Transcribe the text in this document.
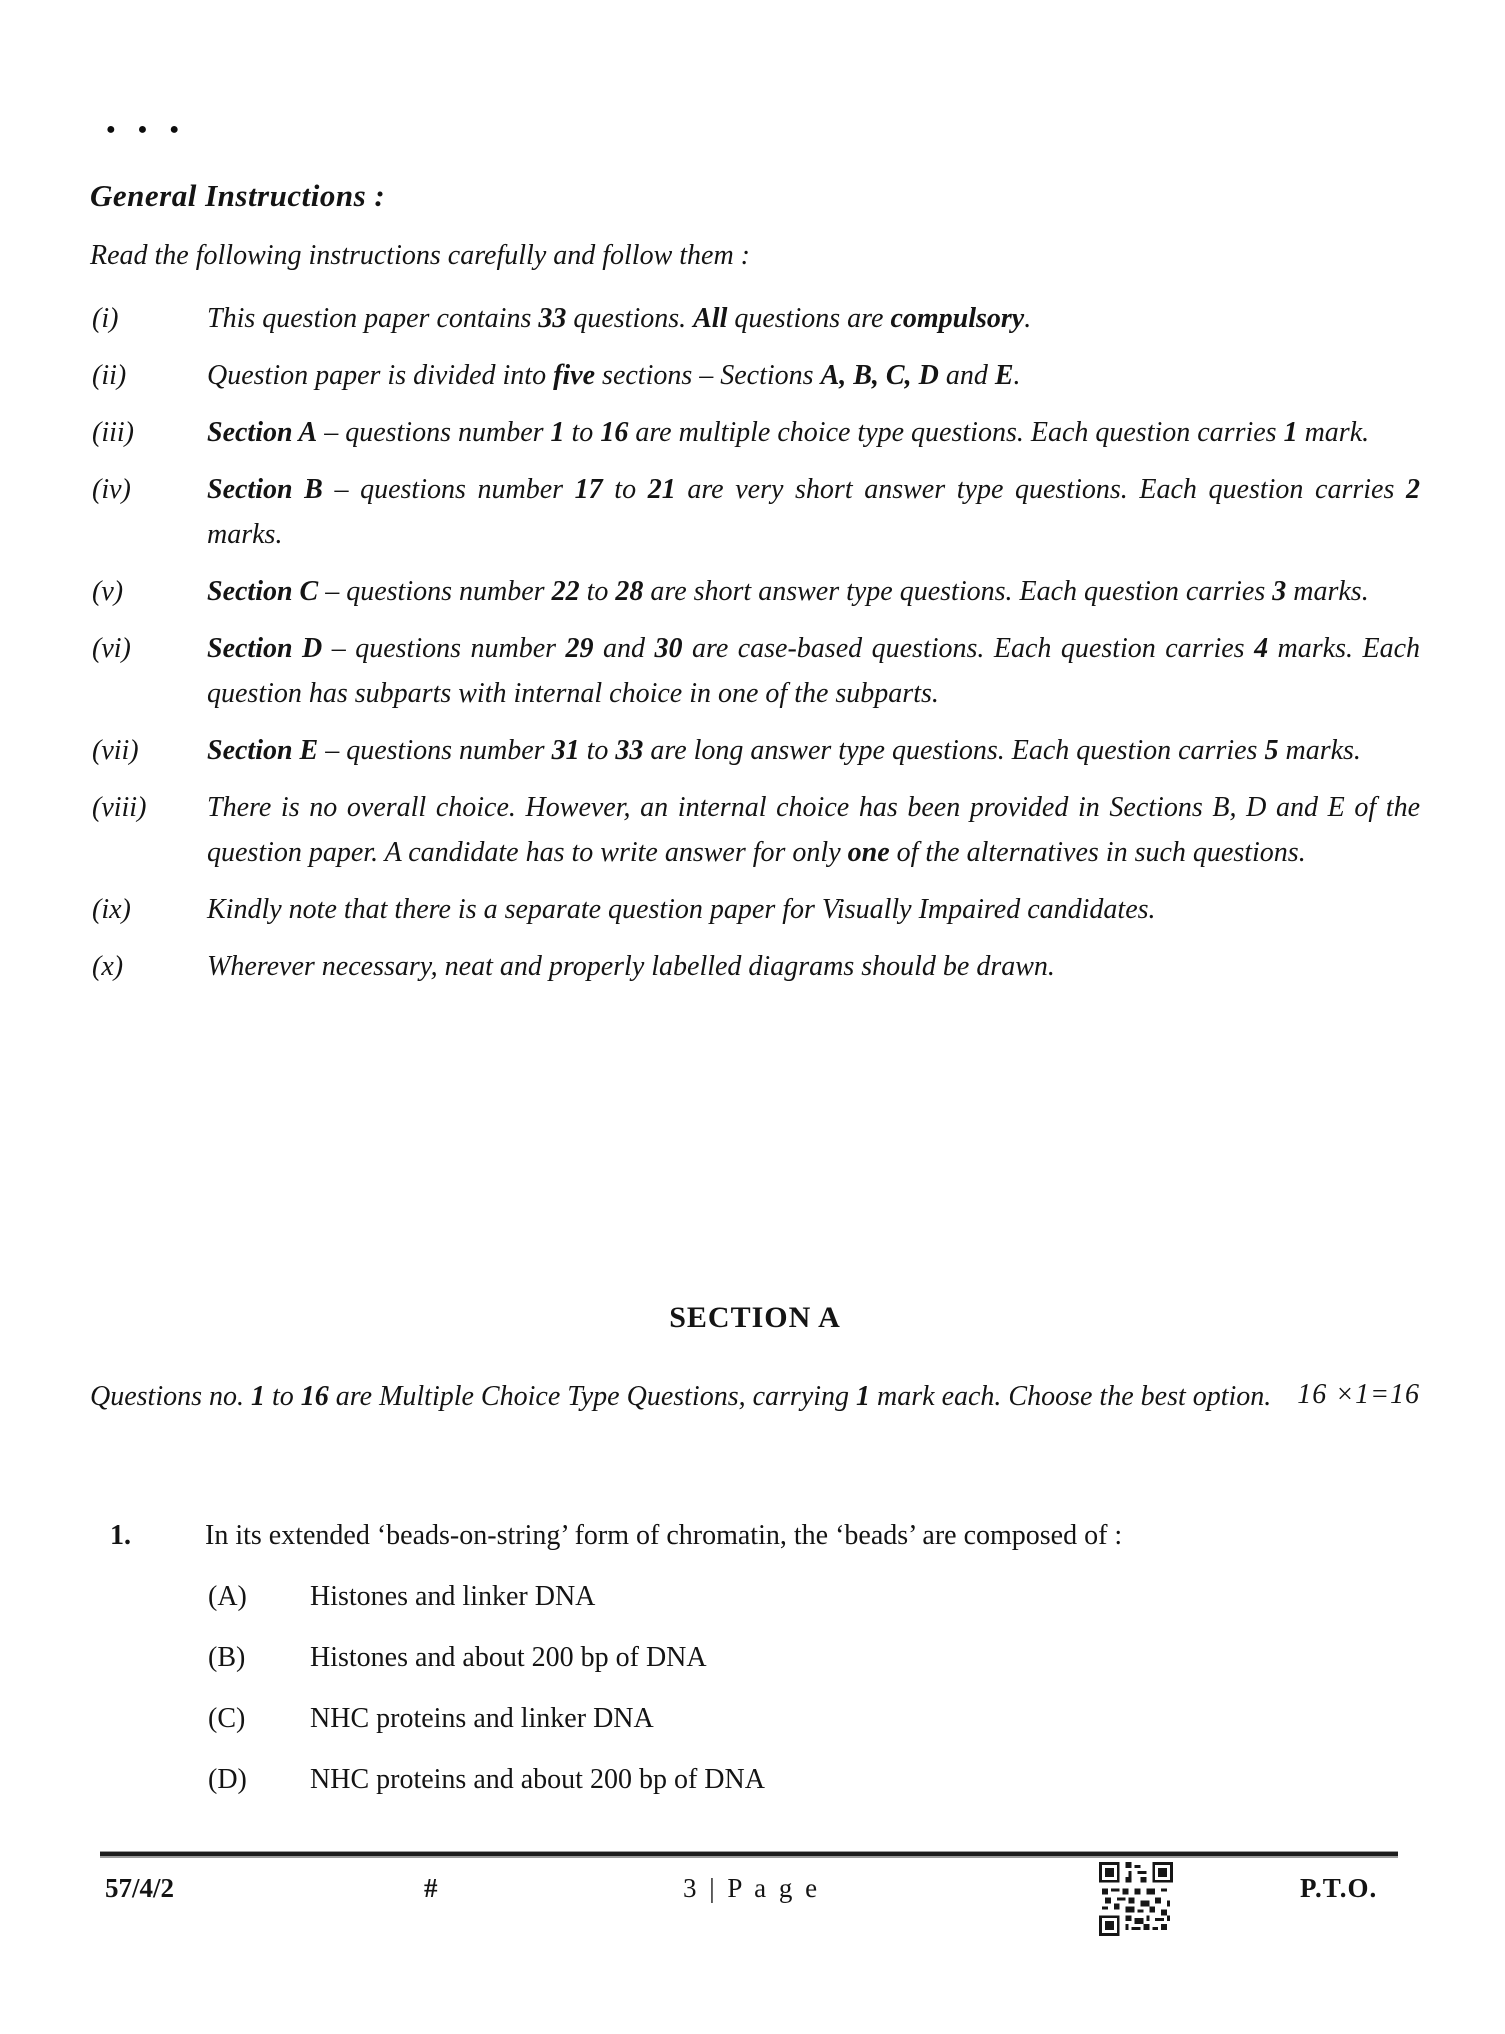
● ● ●
General Instructions :

Read the following instructions carefully and follow them :

(i)	This question paper contains 33 questions. All questions are compulsory.
(ii)	Question paper is divided into five sections – Sections A, B, C, D and E.
(iii)	Section A – questions number 1 to 16 are multiple choice type questions. Each question carries 1 mark.
(iv)	Section B – questions number 17 to 21 are very short answer type questions. Each question carries 2 marks.
(v)	Section C – questions number 22 to 28 are short answer type questions. Each question carries 3 marks.
(vi)	Section D – questions number 29 and 30 are case-based questions. Each question carries 4 marks. Each question has subparts with internal choice in one of the subparts.
(vii)	Section E – questions number 31 to 33 are long answer type questions. Each question carries 5 marks.
(viii)	There is no overall choice. However, an internal choice has been provided in Sections B, D and E of the question paper. A candidate has to write answer for only one of the alternatives in such questions.
(ix)	Kindly note that there is a separate question paper for Visually Impaired candidates.
(x)	Wherever necessary, neat and properly labelled diagrams should be drawn.
SECTION A
16 ×1=16
Questions no. 1 to 16 are Multiple Choice Type Questions, carrying 1 mark each. Choose the best option.
1.	In its extended ‘beads-on-string’ form of chromatin, the ‘beads’ are composed of :
(A)	Histones and linker DNA
(B)	Histones and about 200 bp of DNA
(C)	NHC proteins and linker DNA
(D)	NHC proteins and about 200 bp of DNA
57/4/2	#	3 | P a g e	P.T.O.
